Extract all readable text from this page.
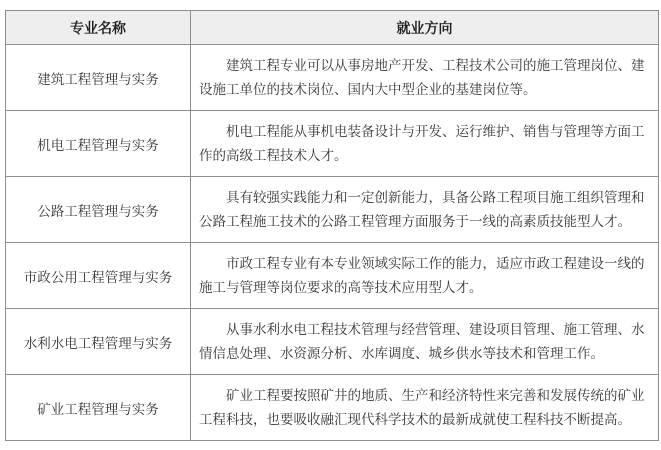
专业名称	就业方向
建筑工程管理与实务	建筑工程专业可以从事房地产开发、工程技术公司的施工管理岗位、建设施工单位的技术岗位、国内大中型企业的基建岗位等。
机电工程管理与实务	机电工程能从事机电装备设计与开发、运行维护、销售与管理等方面工作的高级工程技术人才。
公路工程管理与实务	具有较强实践能力和一定创新能力，具备公路工程项目施工组织管理和公路工程施工技术的公路工程管理方面服务于一线的高素质技能型人才。
市政公用工程管理与实务	市政工程专业有本专业领域实际工作的能力，适应市政工程建设一线的施工与管理等岗位要求的高等技术应用型人才。
水利水电工程管理与实务	从事水利水电工程技术管理与经营管理、建设项目管理、施工管理、水情信息处理、水资源分析、水库调度、城乡供水等技术和管理工作。
矿业工程管理与实务	矿业工程要按照矿井的地质、生产和经济特性来完善和发展传统的矿业工程科技，也要吸收融汇现代科学技术的最新成就使工程科技不断提高。
